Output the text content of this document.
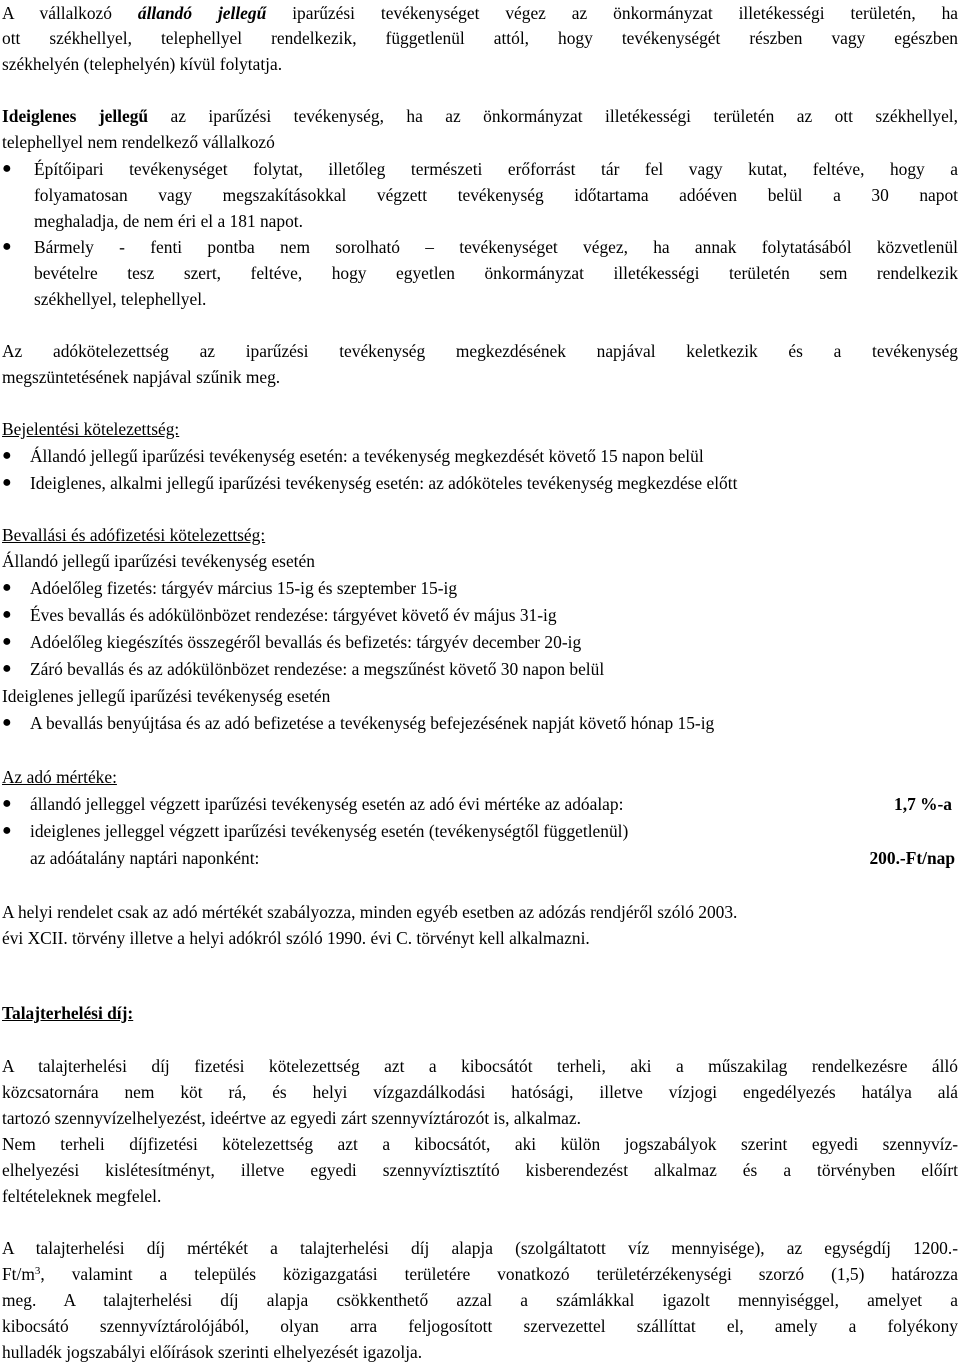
A vállalkozó állandó jellegű iparűzési tevékenységet végez az önkormányzat illetékességi területén, ha
ott székhellyel, telephellyel rendelkezik, függetlenül attól, hogy tevékenységét részben vagy egészben
székhelyén (telephelyén) kívül folytatja.
Ideiglenes jellegű az iparűzési tevékenység, ha az önkormányzat illetékességi területén az ott székhellyel,
telephellyel nem rendelkező vállalkozó
● Építőipari tevékenységet folytat, illetőleg természeti erőforrást tár fel vagy kutat, feltéve, hogy a
folyamatosan vagy megszakításokkal végzett tevékenység időtartama adóéven belül a 30 napot
meghaladja, de nem éri el a 181 napot.
● Bármely - fenti pontba nem sorolható – tevékenységet végez, ha annak folytatásából közvetlenül
bevételre tesz szert, feltéve, hogy egyetlen önkormányzat illetékességi területén sem rendelkezik
székhellyel, telephellyel.
Az adókötelezettség az iparűzési tevékenység megkezdésének napjával keletkezik és a tevékenység
megszüntetésének napjával szűnik meg.
Bejelentési kötelezettség:
● Állandó jellegű iparűzési tevékenység esetén: a tevékenység megkezdését követő 15 napon belül
● Ideiglenes, alkalmi jellegű iparűzési tevékenység esetén: az adóköteles tevékenység megkezdése előtt
Bevallási és adófizetési kötelezettség:
Állandó jellegű iparűzési tevékenység esetén
● Adóelőleg fizetés: tárgyév március 15-ig és szeptember 15-ig
● Éves bevallás és adókülönbözet rendezése: tárgyévet követő év május 31-ig
● Adóelőleg kiegészítés összegéről bevallás és befizetés: tárgyév december 20-ig
● Záró bevallás és az adókülönbözet rendezése: a megszűnést követő 30 napon belül
Ideiglenes jellegű iparűzési tevékenység esetén
● A bevallás benyújtása és az adó befizetése a tevékenység befejezésének napját követő hónap 15-ig
Az adó mértéke:
● állandó jelleggel végzett iparűzési tevékenység esetén az adó évi mértéke az adóalap:	1,7 %-a
● ideiglenes jelleggel végzett iparűzési tevékenység esetén (tevékenységtől függetlenül)
az adóátalány naptári naponként:	200.-Ft/nap
A helyi rendelet csak az adó mértékét szabályozza, minden egyéb esetben az adózás rendjéről szóló 2003.
évi XCII. törvény illetve a helyi adókról szóló 1990. évi C. törvényt kell alkalmazni.
Talajterhelési díj:
A talajterhelési díj fizetési kötelezettség azt a kibocsátót terheli, aki a műszakilag rendelkezésre álló
közcsatornára nem köt rá, és helyi vízgazdálkodási hatósági, illetve vízjogi engedélyezés hatálya alá
tartozó szennyvízelhelyezést, ideértve az egyedi zárt szennyvíztározót is, alkalmaz.
Nem terheli díjfizetési kötelezettség azt a kibocsátót, aki külön jogszabályok szerint egyedi szennyvíz-
elhelyezési kislétesítményt, illetve egyedi szennyvíztisztító kisberendezést alkalmaz és a törvényben előírt
feltételeknek megfelel.
A talajterhelési díj mértékét a talajterhelési díj alapja (szolgáltatott víz mennyisége), az egységdíj 1200.-
$Ft/m^3$, valamint a település közigazgatási területére vonatkozó területérzékenységi szorzó (1,5) határozza
meg. A talajterhelési díj alapja csökkenthető azzal a számlákkal igazolt mennyiséggel, amelyet a
kibocsátó szennyvíztárolójából, olyan arra feljogosított szervezettel szállíttat el, amely a folyékony
hulladék jogszabályi előírások szerinti elhelyezését igazolja.
